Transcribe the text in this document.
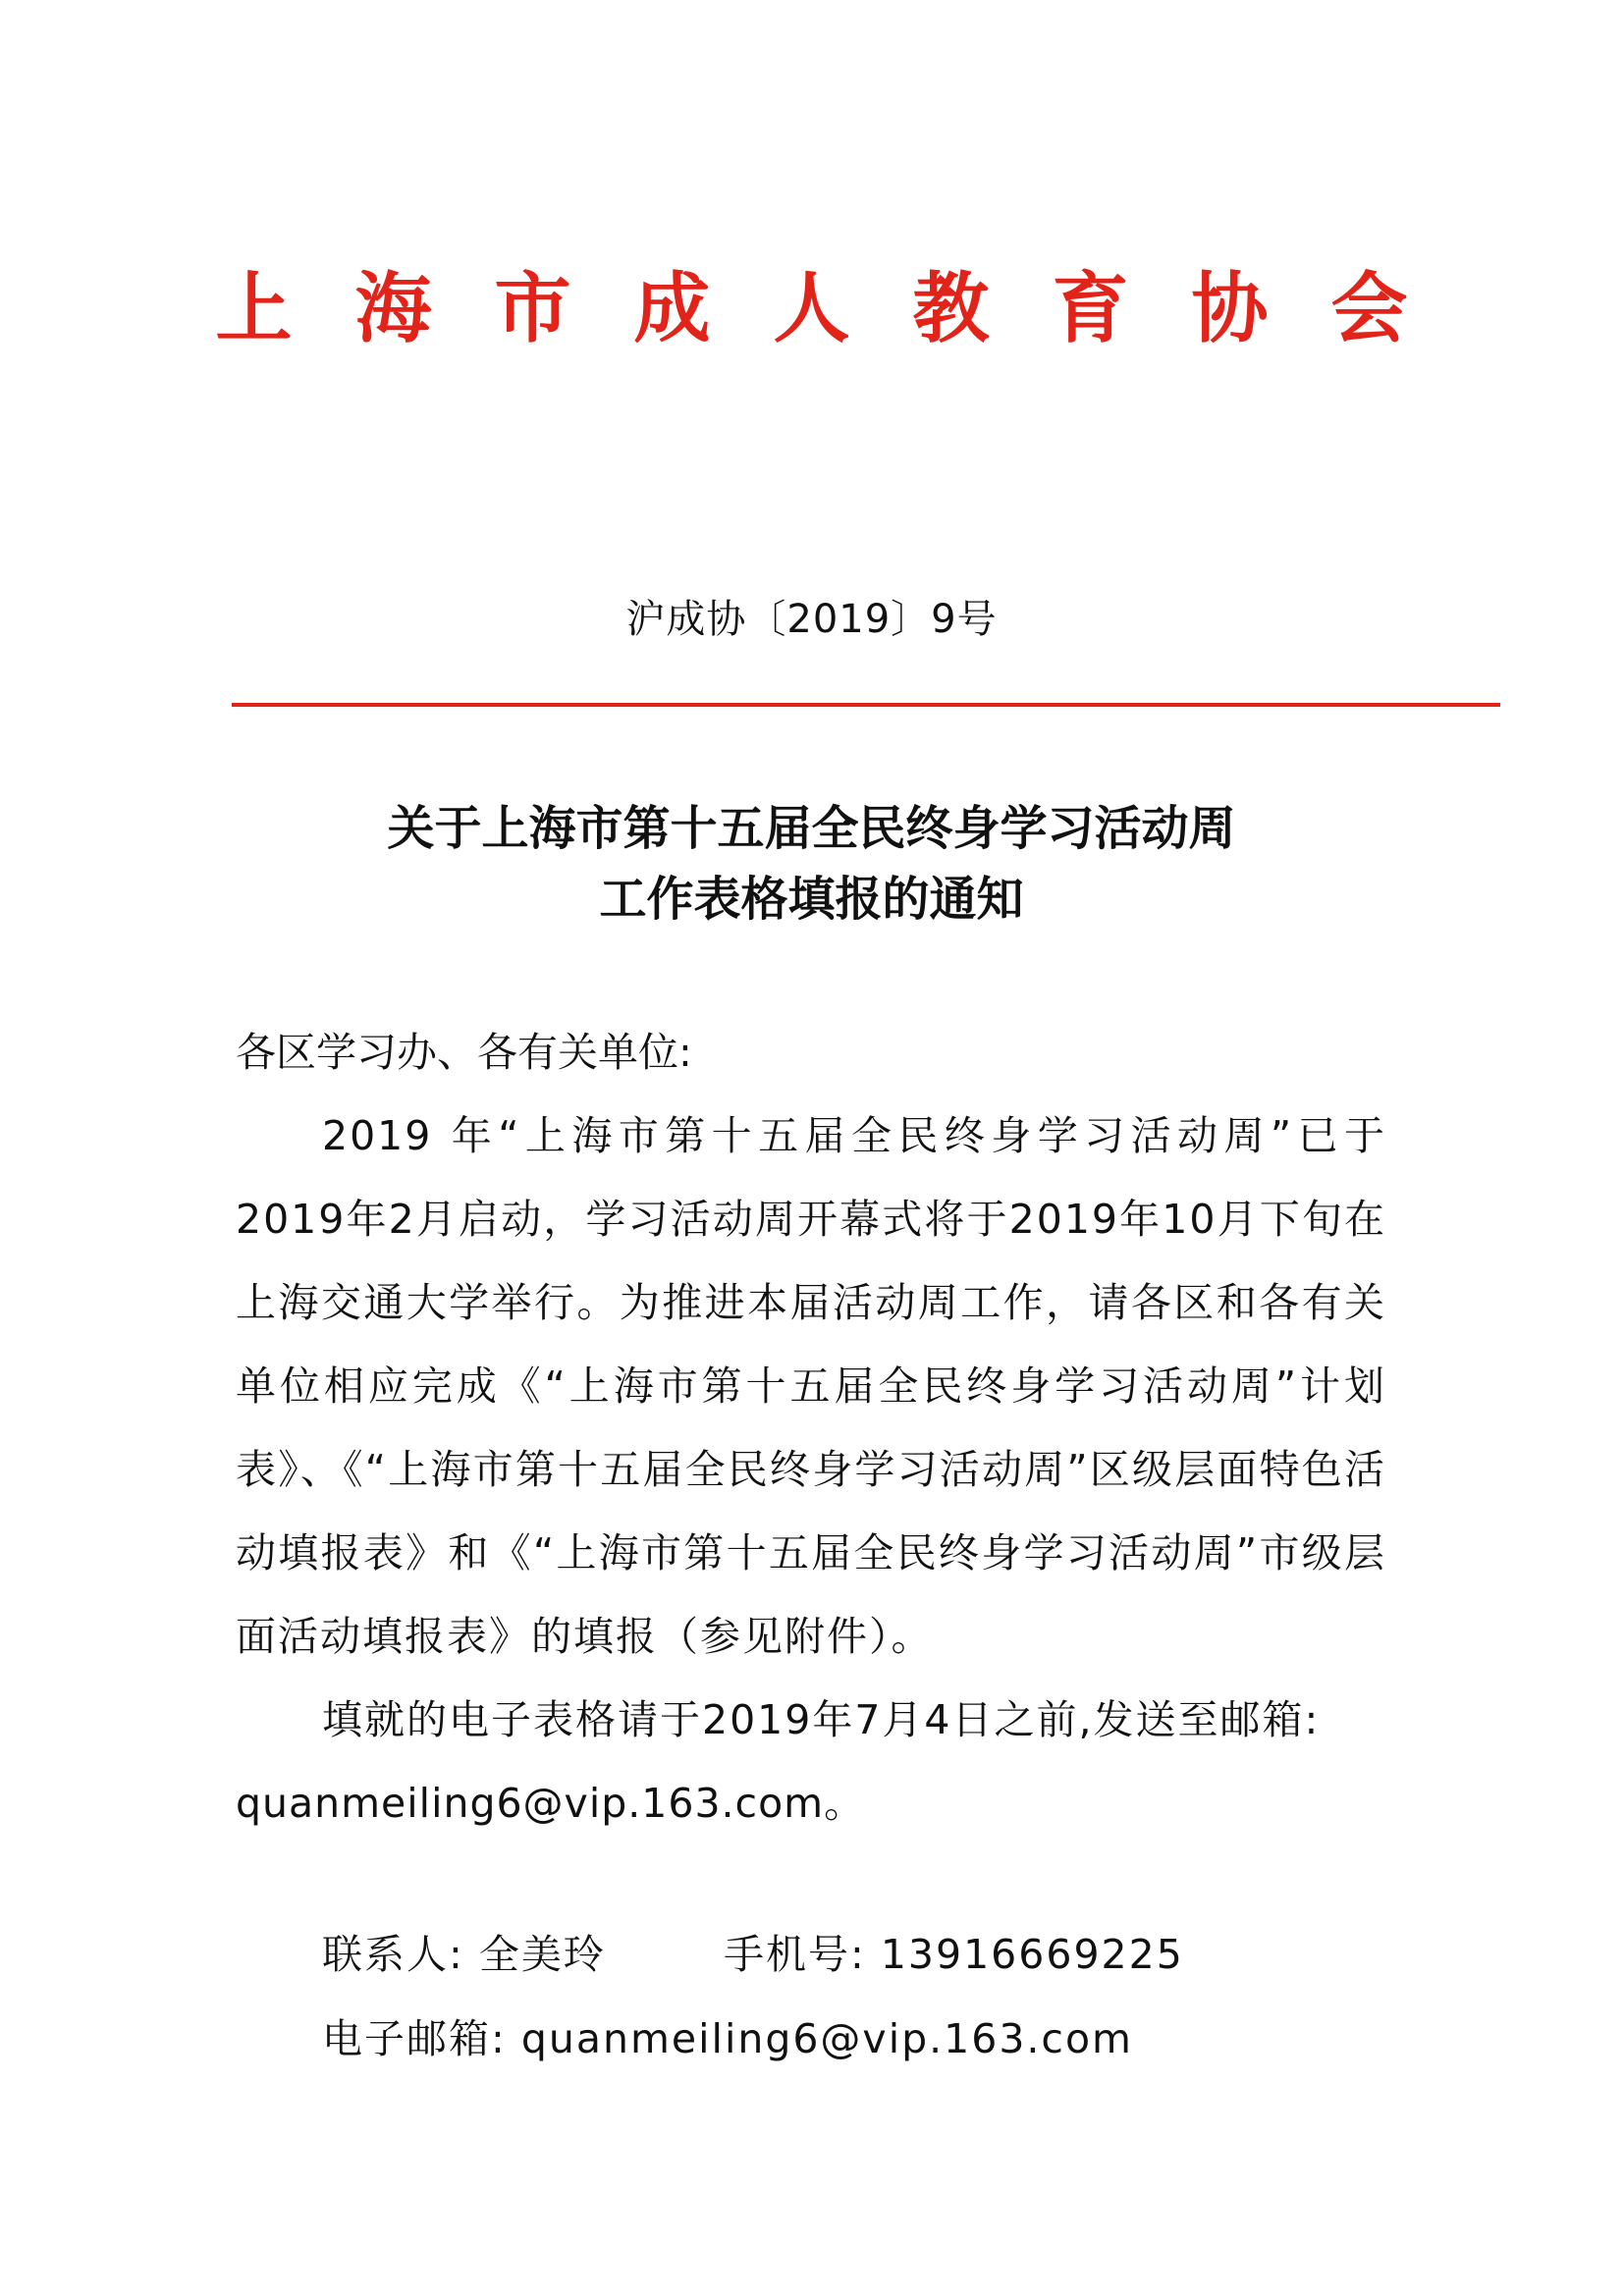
上海市成人教育协会
沪成协〔2019〕9号
关于上海市第十五届全民终身学习活动周
工作表格填报的通知
各区学习办、各有关单位:
2019 年“上海市第十五届全民终身学习活动周”已于2019年2月启动，学习活动周开幕式将于2019年10月下旬在上海交通大学举行。为推进本届活动周工作，请各区和各有关单位相应完成《“上海市第十五届全民终身学习活动周”计划表》、《“上海市第十五届全民终身学习活动周”区级层面特色活动填报表》和《“上海市第十五届全民终身学习活动周”市级层面活动填报表》的填报（参见附件）。
填就的电子表格请于2019年7月4日之前,发送至邮箱:
quanmeiling6@vip.163.com。
联系人: 全美玲	手机号: 13916669225
电子邮箱: quanmeiling6@vip.163.com
